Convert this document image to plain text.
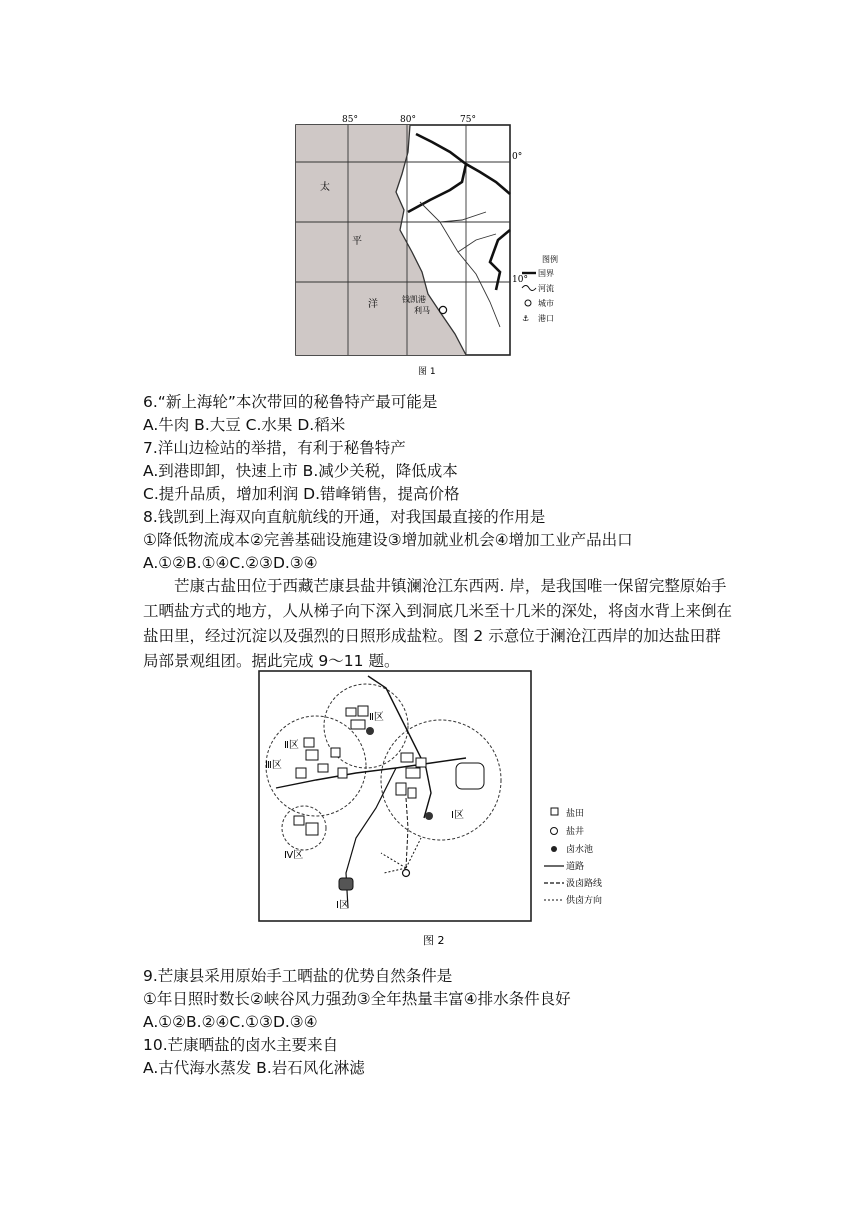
85°	80°	75°
0°
10°
太
平
洋	钱凯港
利马
图例
国界
河流
城市
⚓ 港口
图 1
6.“新上海轮”本次带回的秘鲁特产最可能是
A.牛肉 B.大豆 C.水果 D.稻米
7.洋山边检站的举措，有利于秘鲁特产
A.到港即卸，快速上市 B.减少关税，降低成本
C.提升品质，增加利润 D.错峰销售，提高价格
8.钱凯到上海双向直航航线的开通，对我国最直接的作用是
①降低物流成本②完善基础设施建设③增加就业机会④增加工业产品出口
A.①②B.①④C.②③D.③④
芒康古盐田位于西藏芒康县盐井镇澜沧江东西两. 岸，是我国唯一保留完整原始手工晒盐方式的地方，人从梯子向下深入到洞底几米至十几米的深处，将卤水背上来倒在盐田里，经过沉淀以及强烈的日照形成盐粒。图 2 示意位于澜沧江西岸的加达盐田群局部景观组团。据此完成 9～11 题。
Ⅱ区
Ⅱ区
Ⅲ区
Ⅰ区
Ⅳ区
Ⅰ区
盐田
盐井
卤水池
道路
汲卤路线
供卤方向
图 2
9.芒康县采用原始手工晒盐的优势自然条件是
①年日照时数长②峡谷风力强劲③全年热量丰富④排水条件良好
A.①②B.②④C.①③D.③④
10.芒康晒盐的卤水主要来自
A.古代海水蒸发 B.岩石风化淋滤
